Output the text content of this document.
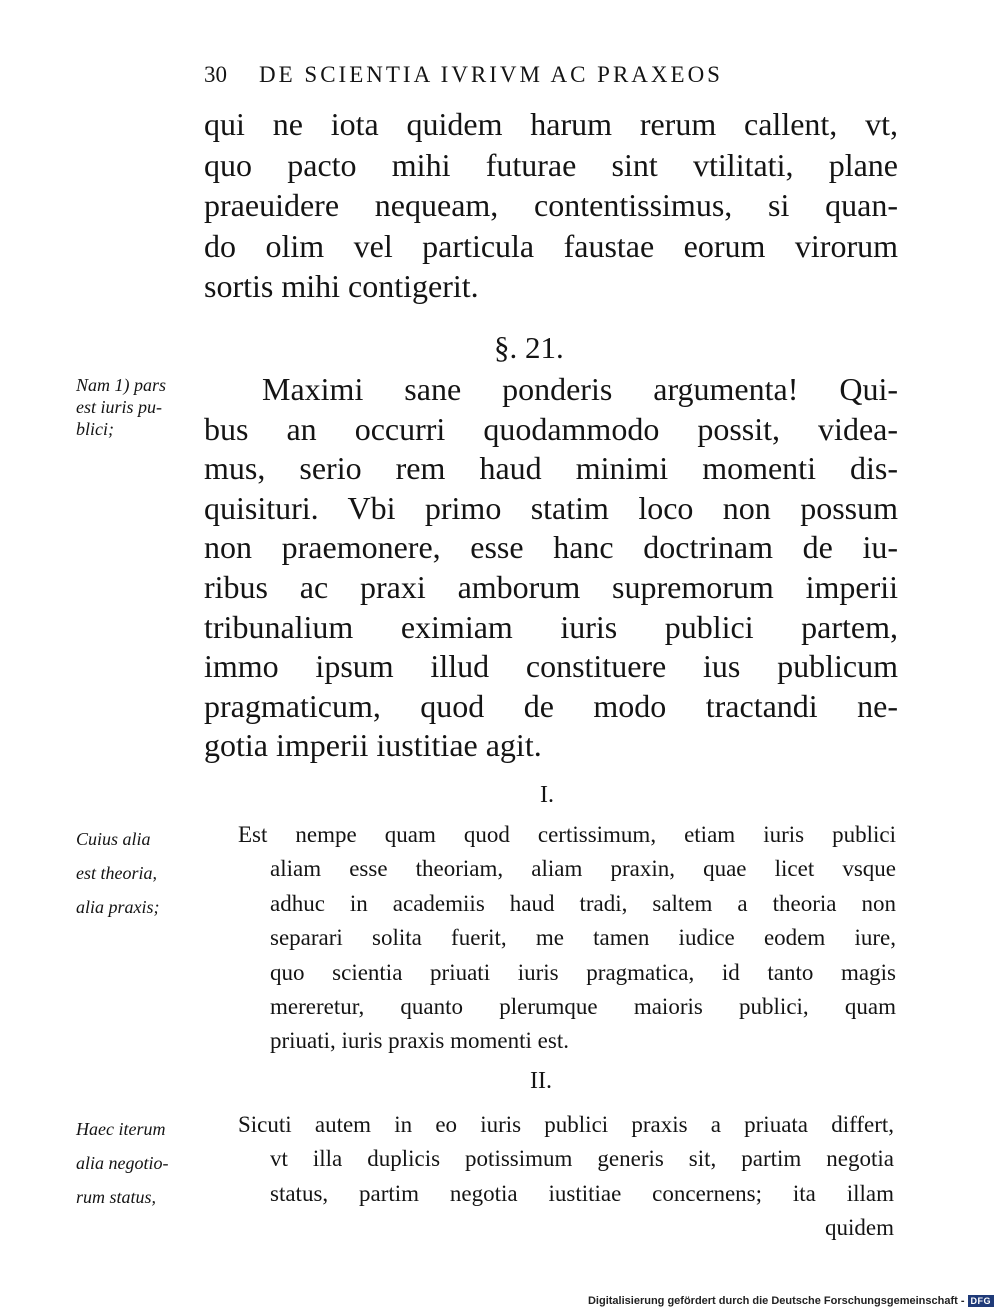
30 DE SCIENTIA IVRIVM AC PRAXEOS
qui ne iota quidem harum rerum callent, vt,
quo pacto mihi futurae sint vtilitati, plane
praeuidere nequeam, contentissimus, si quan-
do olim vel particula faustae eorum virorum
sortis mihi contigerit.
§. 21.
Nam 1) pars
est iuris pu-
blici;
Maximi sane ponderis argumenta! Qui-
bus an occurri quodammodo possit, videa-
mus, serio rem haud minimi momenti dis-
quisituri. Vbi primo statim loco non possum
non praemonere, esse hanc doctrinam de iu-
ribus ac praxi amborum supremorum imperii
tribunalium eximiam iuris publici partem,
immo ipsum illud constituere ius publicum
pragmaticum, quod de modo tractandi ne-
gotia imperii iustitiae agit.
I.
Cuius alia
est theoria,
alia praxis;
Est nempe quam quod certissimum, etiam iuris publici
aliam esse theoriam, aliam praxin, quae licet vsque
adhuc in academiis haud tradi, saltem a theoria non
separari solita fuerit, me tamen iudice eodem iure,
quo scientia priuati iuris pragmatica, id tanto magis
mereretur, quanto plerumque maioris publici, quam
priuati, iuris praxis momenti est.
II.
Haec iterum
alia negotio-
rum status,
Sicuti autem in eo iuris publici praxis a priuata differt,
vt illa duplicis potissimum generis sit, partim negotia
status, partim negotia iustitiae concernens; ita illam
quidem
Digitalisierung gefördert durch die Deutsche Forschungsgemeinschaft - DFG
